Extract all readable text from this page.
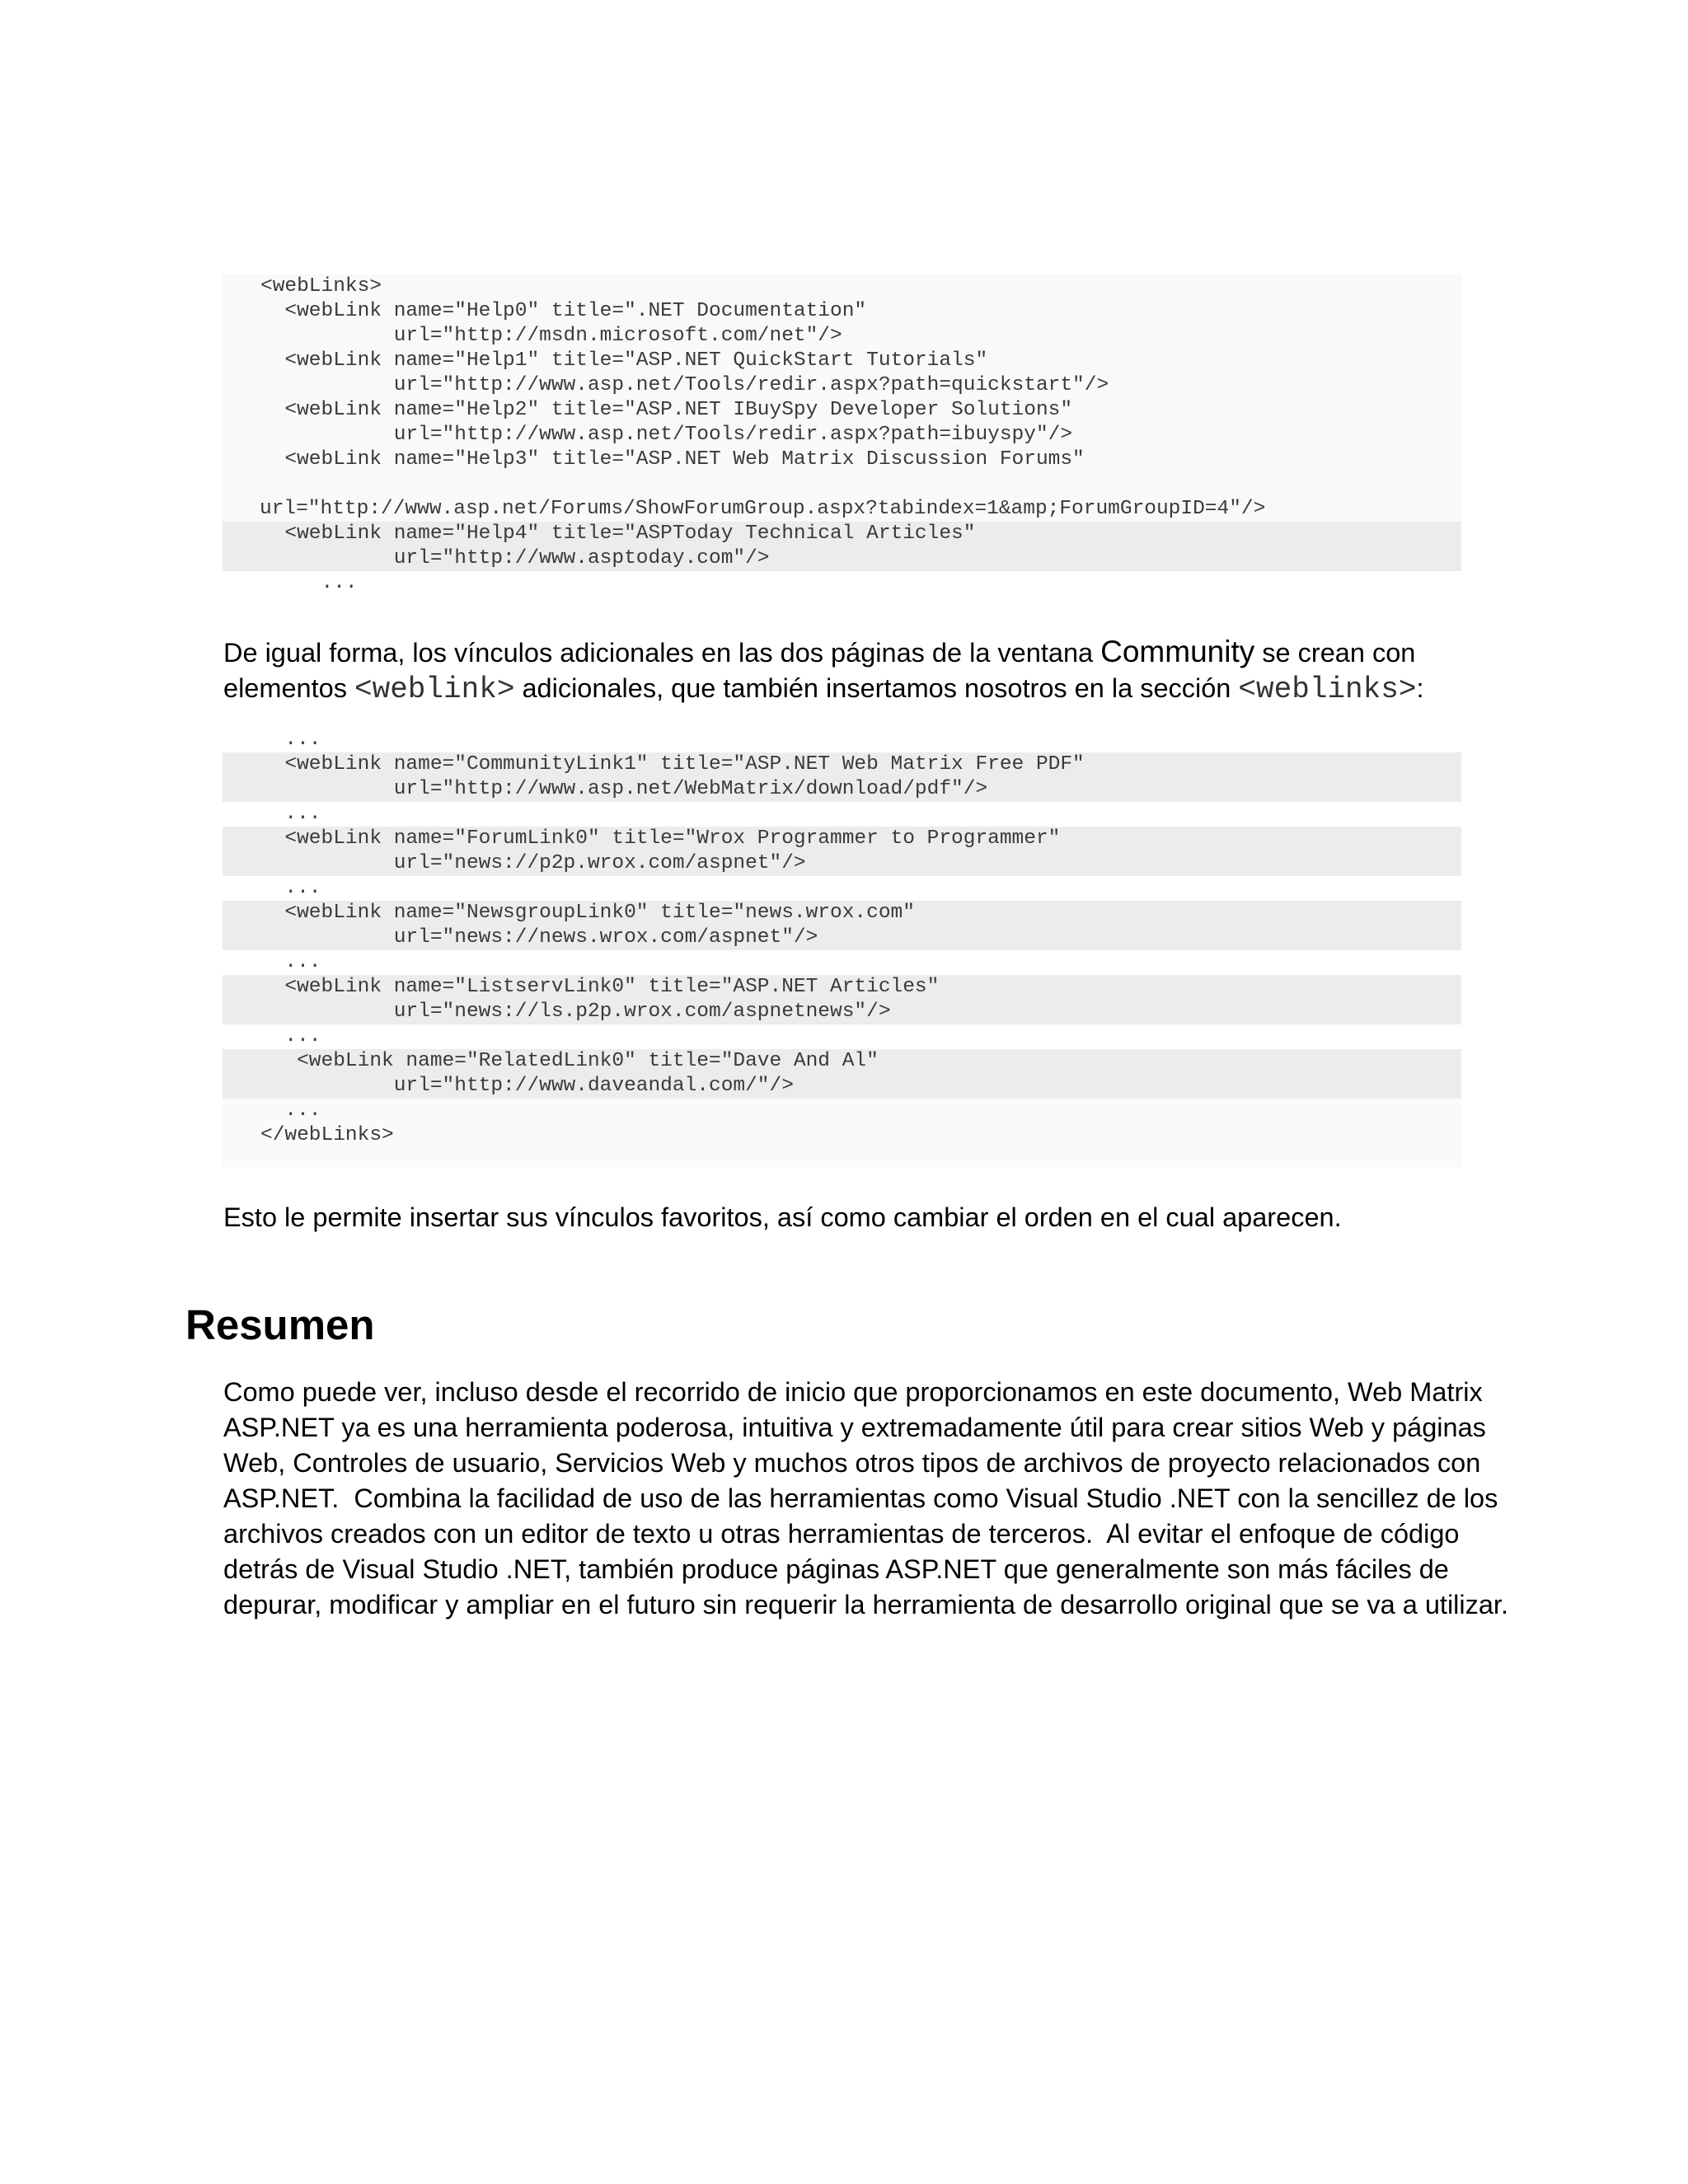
<webLinks>
<webLink name="Help0" title=".NET Documentation"
url="http://msdn.microsoft.com/net"/>
<webLink name="Help1" title="ASP.NET QuickStart Tutorials"
url="http://www.asp.net/Tools/redir.aspx?path=quickstart"/>
<webLink name="Help2" title="ASP.NET IBuySpy Developer Solutions"
url="http://www.asp.net/Tools/redir.aspx?path=ibuyspy"/>
<webLink name="Help3" title="ASP.NET Web Matrix Discussion Forums"
url="http://www.asp.net/Forums/ShowForumGroup.aspx?tabindex=1&amp;ForumGroupID=4"/>
<webLink name="Help4" title="ASPToday Technical Articles"
url="http://www.asptoday.com"/>
...
De igual forma, los vínculos adicionales en las dos páginas de la ventana Community se crean con elementos <weblink> adicionales, que también insertamos nosotros en la sección <weblinks>:
...
<webLink name="CommunityLink1" title="ASP.NET Web Matrix Free PDF"
url="http://www.asp.net/WebMatrix/download/pdf"/>
...
<webLink name="ForumLink0" title="Wrox Programmer to Programmer"
url="news://p2p.wrox.com/aspnet"/>
...
<webLink name="NewsgroupLink0" title="news.wrox.com"
url="news://news.wrox.com/aspnet"/>
...
<webLink name="ListservLink0" title="ASP.NET Articles"
url="news://ls.p2p.wrox.com/aspnetnews"/>
...
<webLink name="RelatedLink0" title="Dave And Al"
url="http://www.daveandal.com/"/>
...
</webLinks>
Esto le permite insertar sus vínculos favoritos, así como cambiar el orden en el cual aparecen.
Resumen
Como puede ver, incluso desde el recorrido de inicio que proporcionamos en este documento, Web Matrix
ASP.NET ya es una herramienta poderosa, intuitiva y extremadamente útil para crear sitios Web y páginas
Web, Controles de usuario, Servicios Web y muchos otros tipos de archivos de proyecto relacionados con
ASP.NET.  Combina la facilidad de uso de las herramientas como Visual Studio .NET con la sencillez de los
archivos creados con un editor de texto u otras herramientas de terceros.  Al evitar el enfoque de código
detrás de Visual Studio .NET, también produce páginas ASP.NET que generalmente son más fáciles de
depurar, modificar y ampliar en el futuro sin requerir la herramienta de desarrollo original que se va a utilizar.
